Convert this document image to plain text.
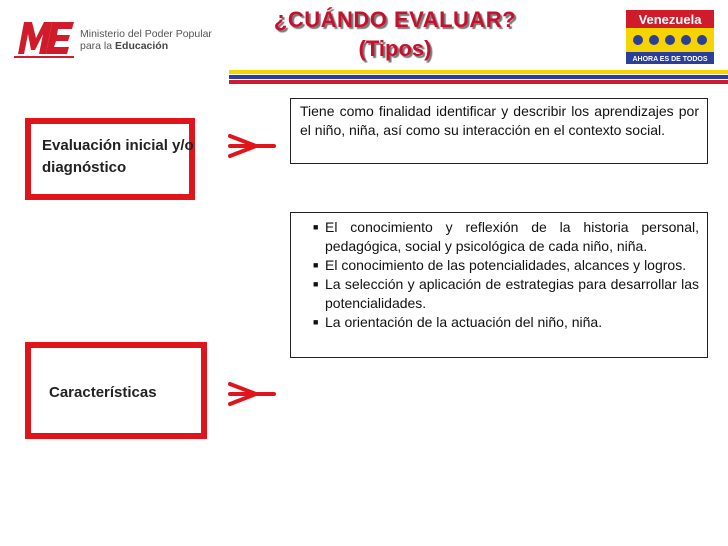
Ministerio del Poder Popular
para la Educación
¿CUÁNDO EVALUAR?
(Tipos)
Venezuela
AHORA ES DE TODOS
Evaluación inicial y/o diagnóstico
Tiene como finalidad identificar y describir los aprendizajes por el niño, niña, así como su interacción en el contexto social.
■ El conocimiento y reflexión de la historia personal, pedagógica, social y psicológica de cada niño, niña.
■ El conocimiento de las potencialidades, alcances y logros.
■ La selección y aplicación de estrategias para desarrollar las potencialidades.
■ La orientación de la actuación del niño, niña.
Características
